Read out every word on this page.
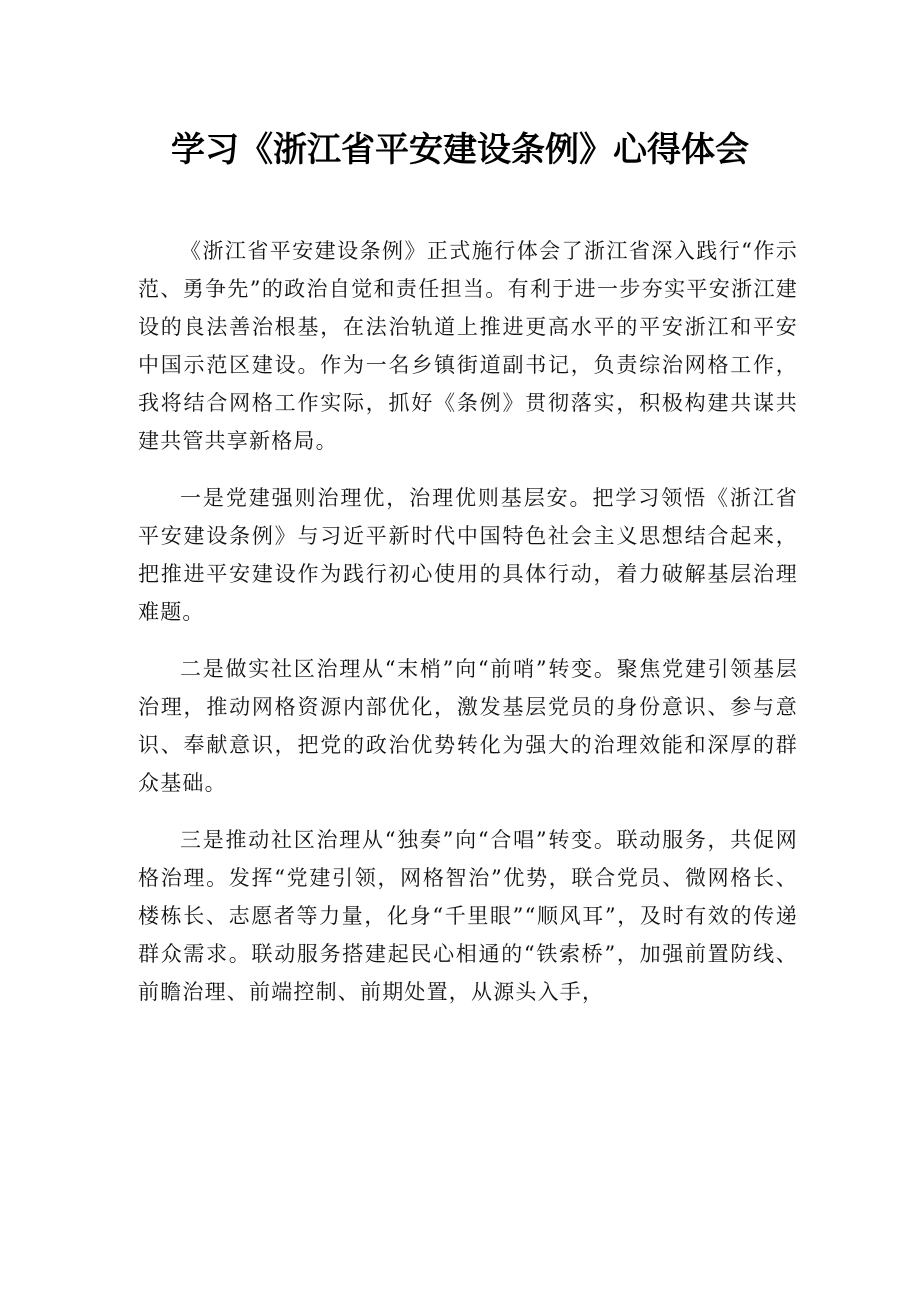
学习《浙江省平安建设条例》心得体会

《浙江省平安建设条例》正式施行体会了浙江省深入践行“作示范、勇争先”的政治自觉和责任担当。有利于进一步夯实平安浙江建设的良法善治根基，在法治轨道上推进更高水平的平安浙江和平安中国示范区建设。作为一名乡镇街道副书记，负责综治网格工作，我将结合网格工作实际，抓好《条例》贯彻落实，积极构建共谋共建共管共享新格局。

一是党建强则治理优，治理优则基层安。把学习领悟《浙江省平安建设条例》与习近平新时代中国特色社会主义思想结合起来，把推进平安建设作为践行初心使用的具体行动，着力破解基层治理难题。

二是做实社区治理从“末梢”向“前哨”转变。聚焦党建引领基层治理，推动网格资源内部优化，激发基层党员的身份意识、参与意识、奉献意识，把党的政治优势转化为强大的治理效能和深厚的群众基础。

三是推动社区治理从“独奏”向“合唱”转变。联动服务，共促网格治理。发挥“党建引领，网格智治”优势，联合党员、微网格长、楼栋长、志愿者等力量，化身“千里眼”“顺风耳”，及时有效的传递群众需求。联动服务搭建起民心相通的“铁索桥”，加强前置防线、前瞻治理、前端控制、前期处置，从源头入手，
